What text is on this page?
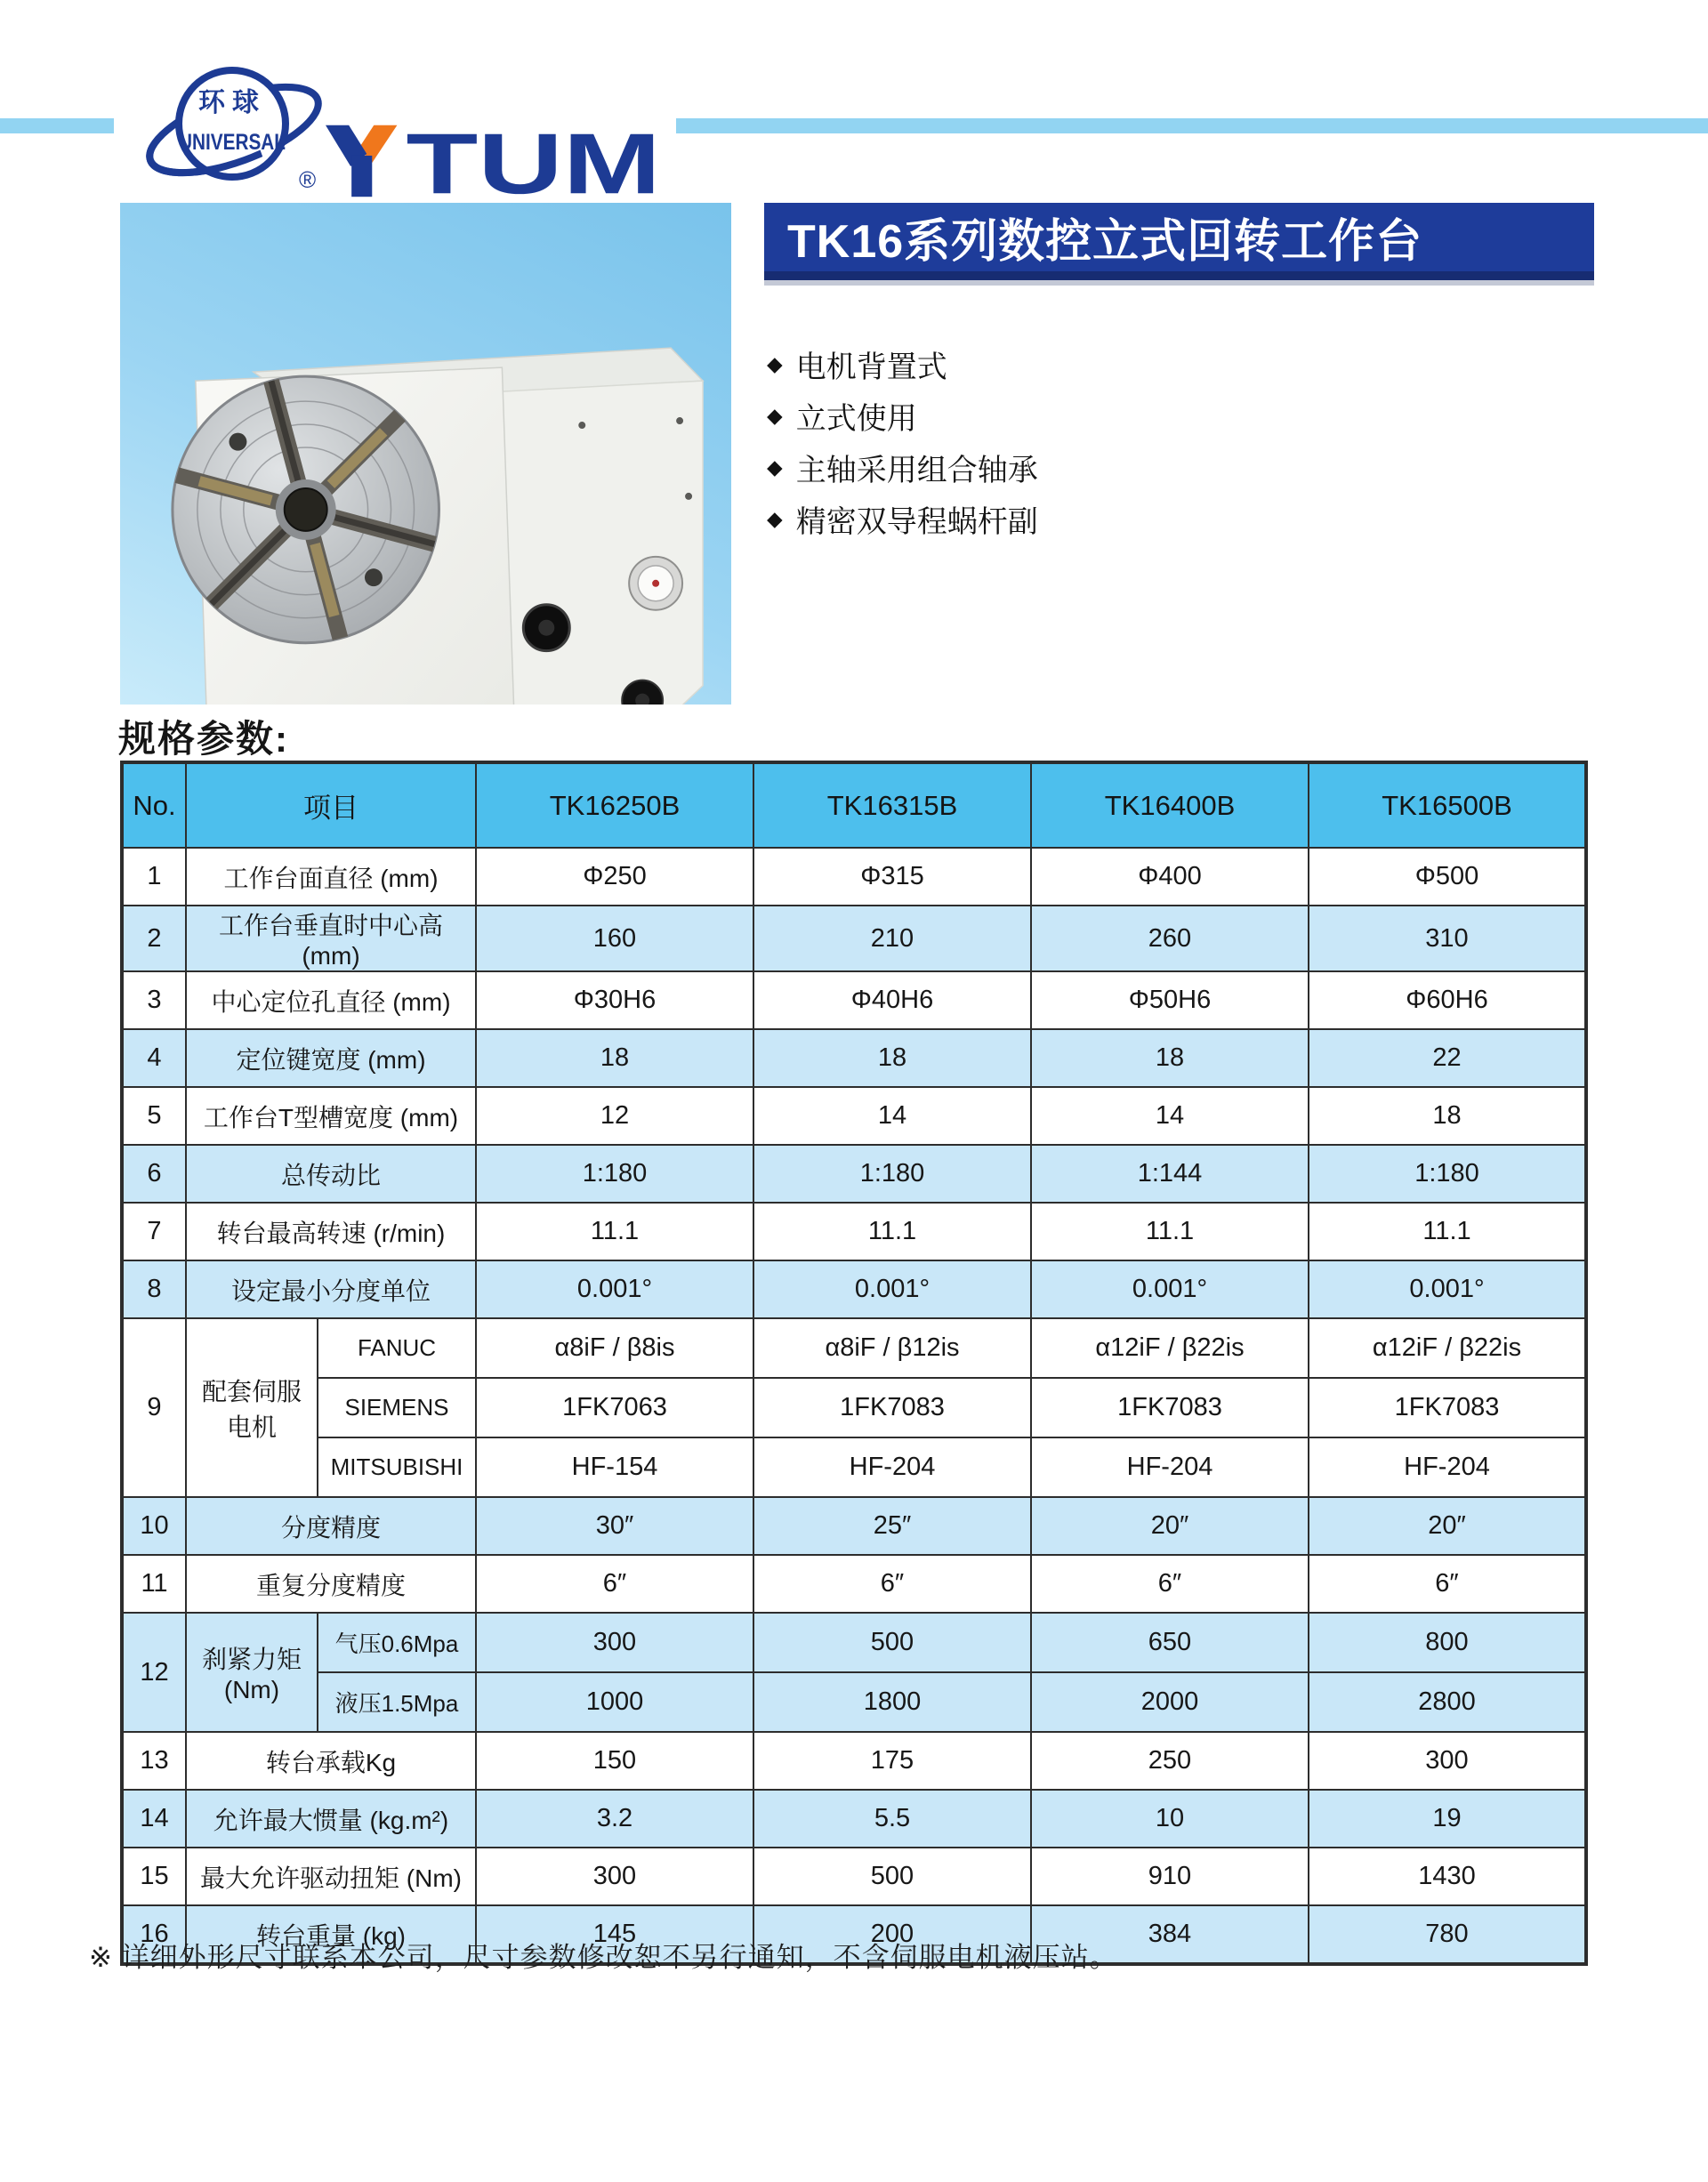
环球
UNIVERSAL
® TUM
TK16系列数控立式回转工作台
◆ 电机背置式
◆ 立式使用
◆ 主轴采用组合轴承
◆ 精密双导程蜗杆副
规格参数:
No.	项目		TK16250B	TK16315B	TK16400B	TK16500B
1	工作台面直径 (mm)		Φ250	Φ315	Φ400	Φ500
2	工作台垂直时中心高 (mm)		160	210	260	310
3	中心定位孔直径 (mm)		Φ30H6	Φ40H6	Φ50H6	Φ60H6
4	定位键宽度 (mm)		18	18	18	22
5	工作台T型槽宽度 (mm)		12	14	14	18
6	总传动比		1:180	1:180	1:144	1:180
7	转台最高转速 (r/min)		11.1	11.1	11.1	11.1
8	设定最小分度单位		0.001°	0.001°	0.001°	0.001°
9	配套伺服电机	FANUC	α8iF / β8is	α8iF / β12is	α12iF / β22is	α12iF / β22is
		SIEMENS	1FK7063	1FK7083	1FK7083	1FK7083
		MITSUBISHI	HF-154	HF-204	HF-204	HF-204
10	分度精度		30″	25″	20″	20″
11	重复分度精度		6″	6″	6″	6″
12	刹紧力矩 (Nm)	气压0.6Mpa	300	500	650	800
		液压1.5Mpa	1000	1800	2000	2800
13	转台承载Kg		150	175	250	300
14	允许最大惯量 (kg.m²)		3.2	5.5	10	19
15	最大允许驱动扭矩 (Nm)		300	500	910	1430
16	转台重量 (kg)		145	200	384	780
※ 详细外形尺寸联系本公司，尺寸参数修改恕不另行通知，不含伺服电机液压站。
